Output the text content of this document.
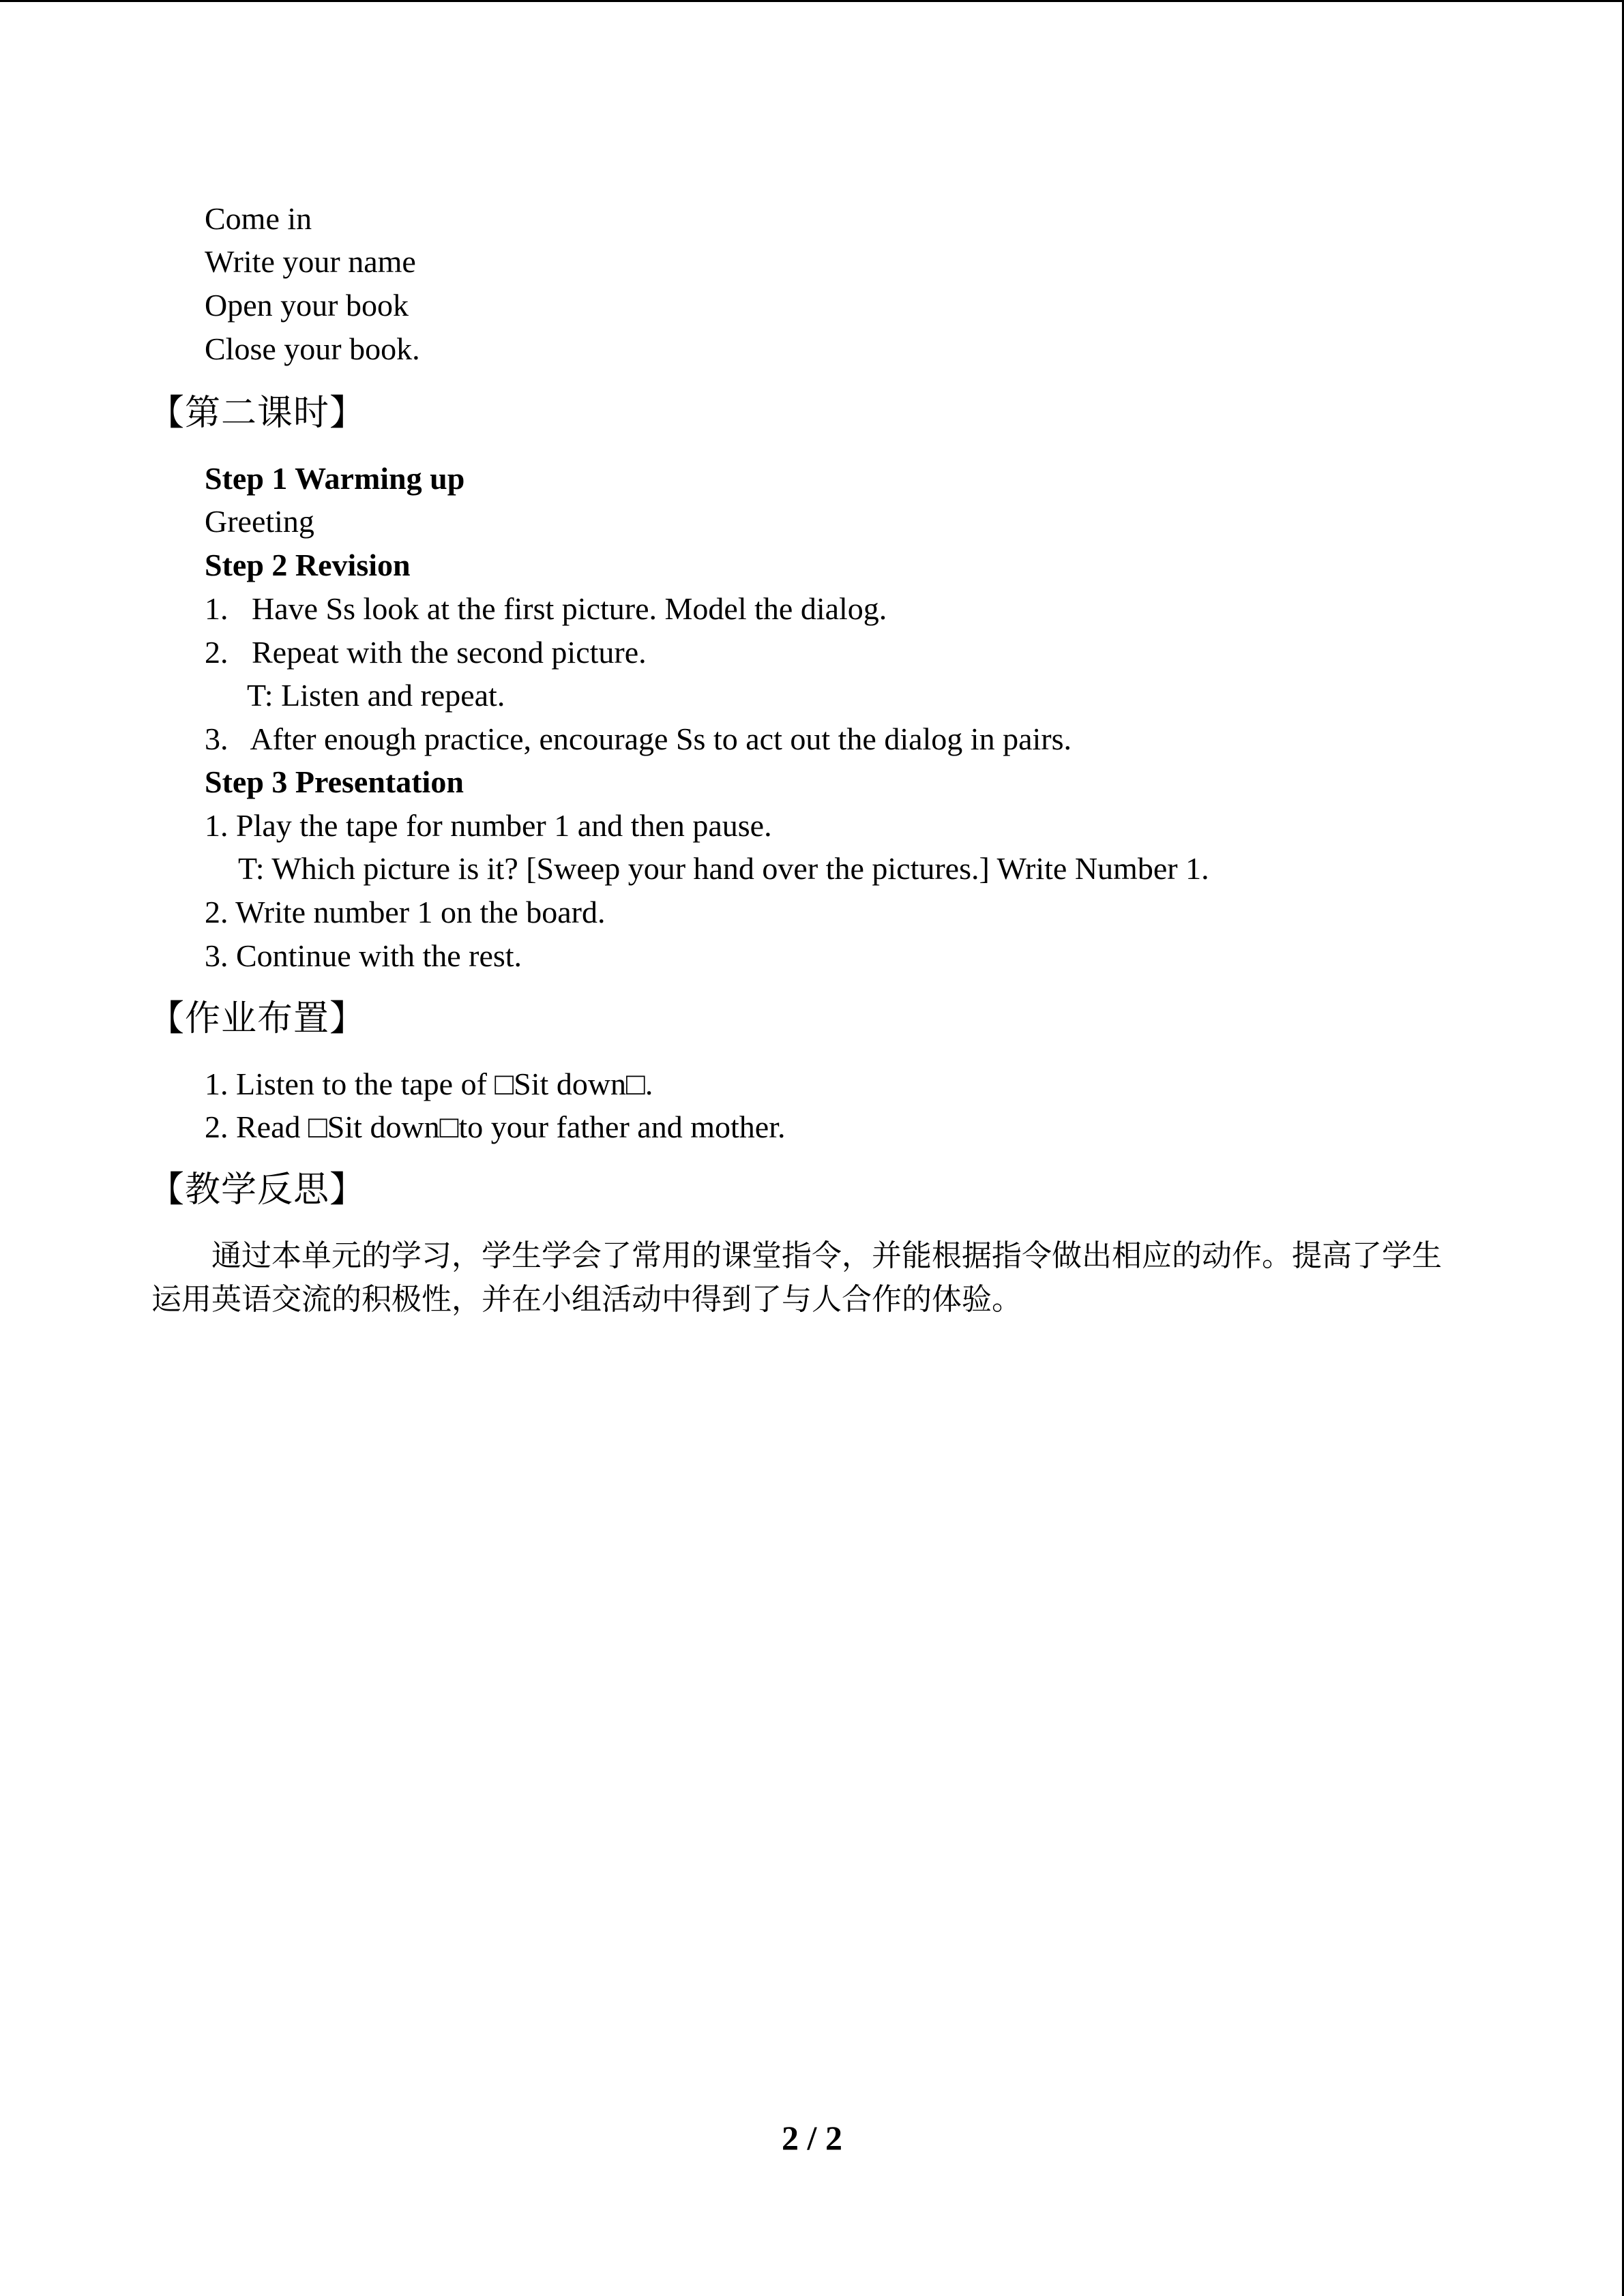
Come in
Write your name
Open your book
Close your book.
【第二课时】
Step 1 Warming up
Greeting
Step 2 Revision
1.   Have Ss look at the first picture. Model the dialog.
2.   Repeat with the second picture.
T: Listen and repeat.
3.   After enough practice, encourage Ss to act out the dialog in pairs.
Step 3 Presentation
1. Play the tape for number 1 and then pause.
T: Which picture is it? [Sweep your hand over the pictures.] Write Number 1.
2. Write number 1 on the board.
3. Continue with the rest.
【作业布置】
1. Listen to the tape of □Sit down□.
2. Read □Sit down□to your father and mother.
【教学反思】
通过本单元的学习，学生学会了常用的课堂指令，并能根据指令做出相应的动作。提高了学生运用英语交流的积极性，并在小组活动中得到了与人合作的体验。
2 / 2
